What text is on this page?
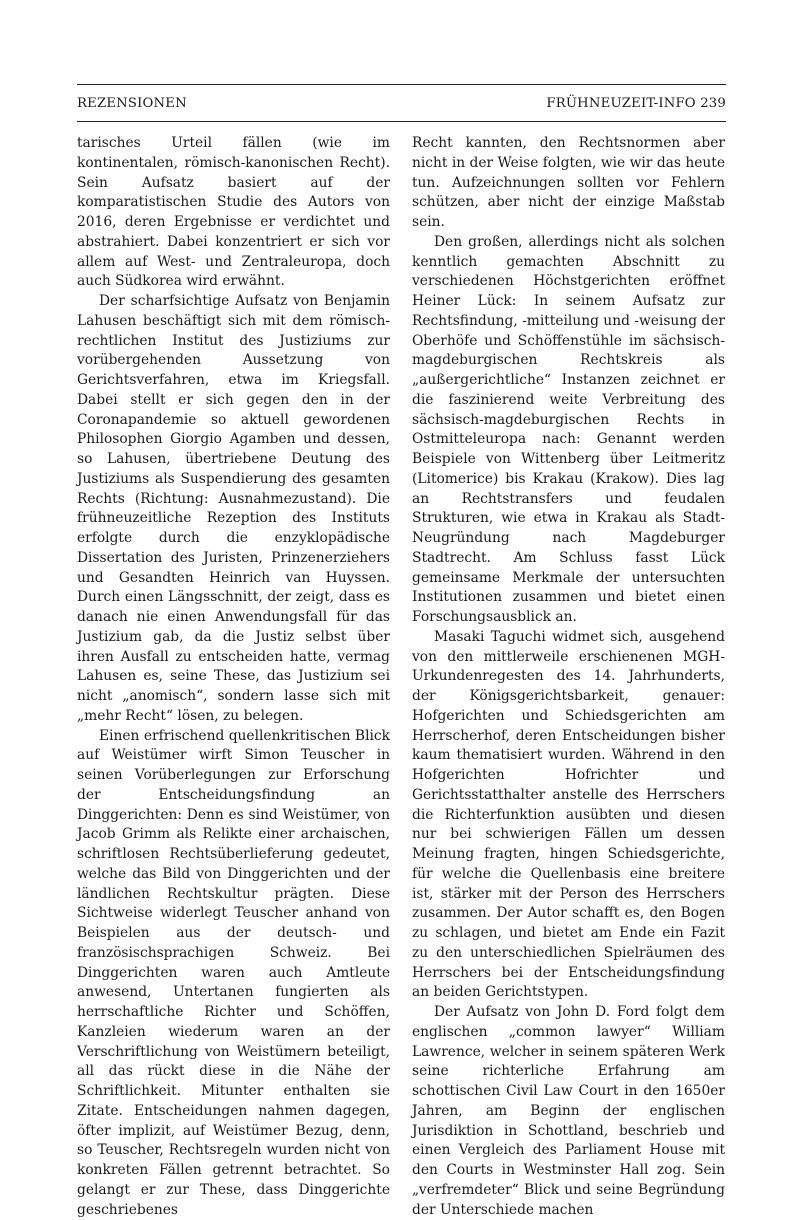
REZENSIONEN	FRÜHNEUZEIT-INFO 239

tarisches Urteil fällen (wie im kontinentalen, römisch-kanonischen Recht). Sein Aufsatz basiert auf der komparatistischen Studie des Autors von 2016, deren Ergebnisse er verdichtet und abstrahiert. Dabei konzentriert er sich vor allem auf West- und Zentraleuropa, doch auch Südkorea wird erwähnt.

Der scharfsichtige Aufsatz von Benjamin Lahusen beschäftigt sich mit dem römisch-rechtlichen Institut des Justiziums zur vorübergehenden Aussetzung von Gerichtsverfahren, etwa im Kriegsfall. Dabei stellt er sich gegen den in der Coronapandemie so aktuell gewordenen Philosophen Giorgio Agamben und dessen, so Lahusen, übertriebene Deutung des Justiziums als Suspendierung des gesamten Rechts (Richtung: Ausnahmezustand). Die frühneuzeitliche Rezeption des Instituts erfolgte durch die enzyklopädische Dissertation des Juristen, Prinzenerziehers und Gesandten Heinrich van Huyssen. Durch einen Längsschnitt, der zeigt, dass es danach nie einen Anwendungsfall für das Justizium gab, da die Justiz selbst über ihren Ausfall zu entscheiden hatte, vermag Lahusen es, seine These, das Justizium sei nicht „anomisch“, sondern lasse sich mit „mehr Recht“ lösen, zu belegen.

Einen erfrischend quellenkritischen Blick auf Weistümer wirft Simon Teuscher in seinen Vorüberlegungen zur Erforschung der Entscheidungsfindung an Dinggerichten: Denn es sind Weistümer, von Jacob Grimm als Relikte einer archaischen, schriftlosen Rechtsüberlieferung gedeutet, welche das Bild von Dinggerichten und der ländlichen Rechtskultur prägten. Diese Sichtweise widerlegt Teuscher anhand von Beispielen aus der deutsch- und französischsprachigen Schweiz. Bei Dinggerichten waren auch Amtleute anwesend, Untertanen fungierten als herrschaftliche Richter und Schöffen, Kanzleien wiederum waren an der Verschriftlichung von Weistümern beteiligt, all das rückt diese in die Nähe der Schriftlichkeit. Mitunter enthalten sie Zitate. Entscheidungen nahmen dagegen, öfter implizit, auf Weistümer Bezug, denn, so Teuscher, Rechtsregeln wurden nicht von konkreten Fällen getrennt betrachtet. So gelangt er zur These, dass Dinggerichte geschriebenes

Recht kannten, den Rechtsnormen aber nicht in der Weise folgten, wie wir das heute tun. Aufzeichnungen sollten vor Fehlern schützen, aber nicht der einzige Maßstab sein.

Den großen, allerdings nicht als solchen kenntlich gemachten Abschnitt zu verschiedenen Höchstgerichten eröffnet Heiner Lück: In seinem Aufsatz zur Rechtsfindung, -mitteilung und -weisung der Oberhöfe und Schöffenstühle im sächsisch-magdeburgischen Rechtskreis als „außergerichtliche“ Instanzen zeichnet er die faszinierend weite Verbreitung des sächsisch-magdeburgischen Rechts in Ostmitteleuropa nach: Genannt werden Beispiele von Wittenberg über Leitmeritz (Litomerice) bis Krakau (Krakow). Dies lag an Rechtstransfers und feudalen Strukturen, wie etwa in Krakau als Stadt-Neugründung nach Magdeburger Stadtrecht. Am Schluss fasst Lück gemeinsame Merkmale der untersuchten Institutionen zusammen und bietet einen Forschungsausblick an.

Masaki Taguchi widmet sich, ausgehend von den mittlerweile erschienenen MGH-Urkundenregesten des 14. Jahrhunderts, der Königsgerichtsbarkeit, genauer: Hofgerichten und Schiedsgerichten am Herrscherhof, deren Entscheidungen bisher kaum thematisiert wurden. Während in den Hofgerichten Hofrichter und Gerichtsstatthalter anstelle des Herrschers die Richterfunktion ausübten und diesen nur bei schwierigen Fällen um dessen Meinung fragten, hingen Schiedsgerichte, für welche die Quellenbasis eine breitere ist, stärker mit der Person des Herrschers zusammen. Der Autor schafft es, den Bogen zu schlagen, und bietet am Ende ein Fazit zu den unterschiedlichen Spielräumen des Herrschers bei der Entscheidungsfindung an beiden Gerichtstypen.

Der Aufsatz von John D. Ford folgt dem englischen „common lawyer“ William Lawrence, welcher in seinem späteren Werk seine richterliche Erfahrung am schottischen Civil Law Court in den 1650er Jahren, am Beginn der englischen Jurisdiktion in Schottland, beschrieb und einen Vergleich des Parliament House mit den Courts in Westminster Hall zog. Sein „verfremdeter“ Blick und seine Begründung der Unterschiede machen
